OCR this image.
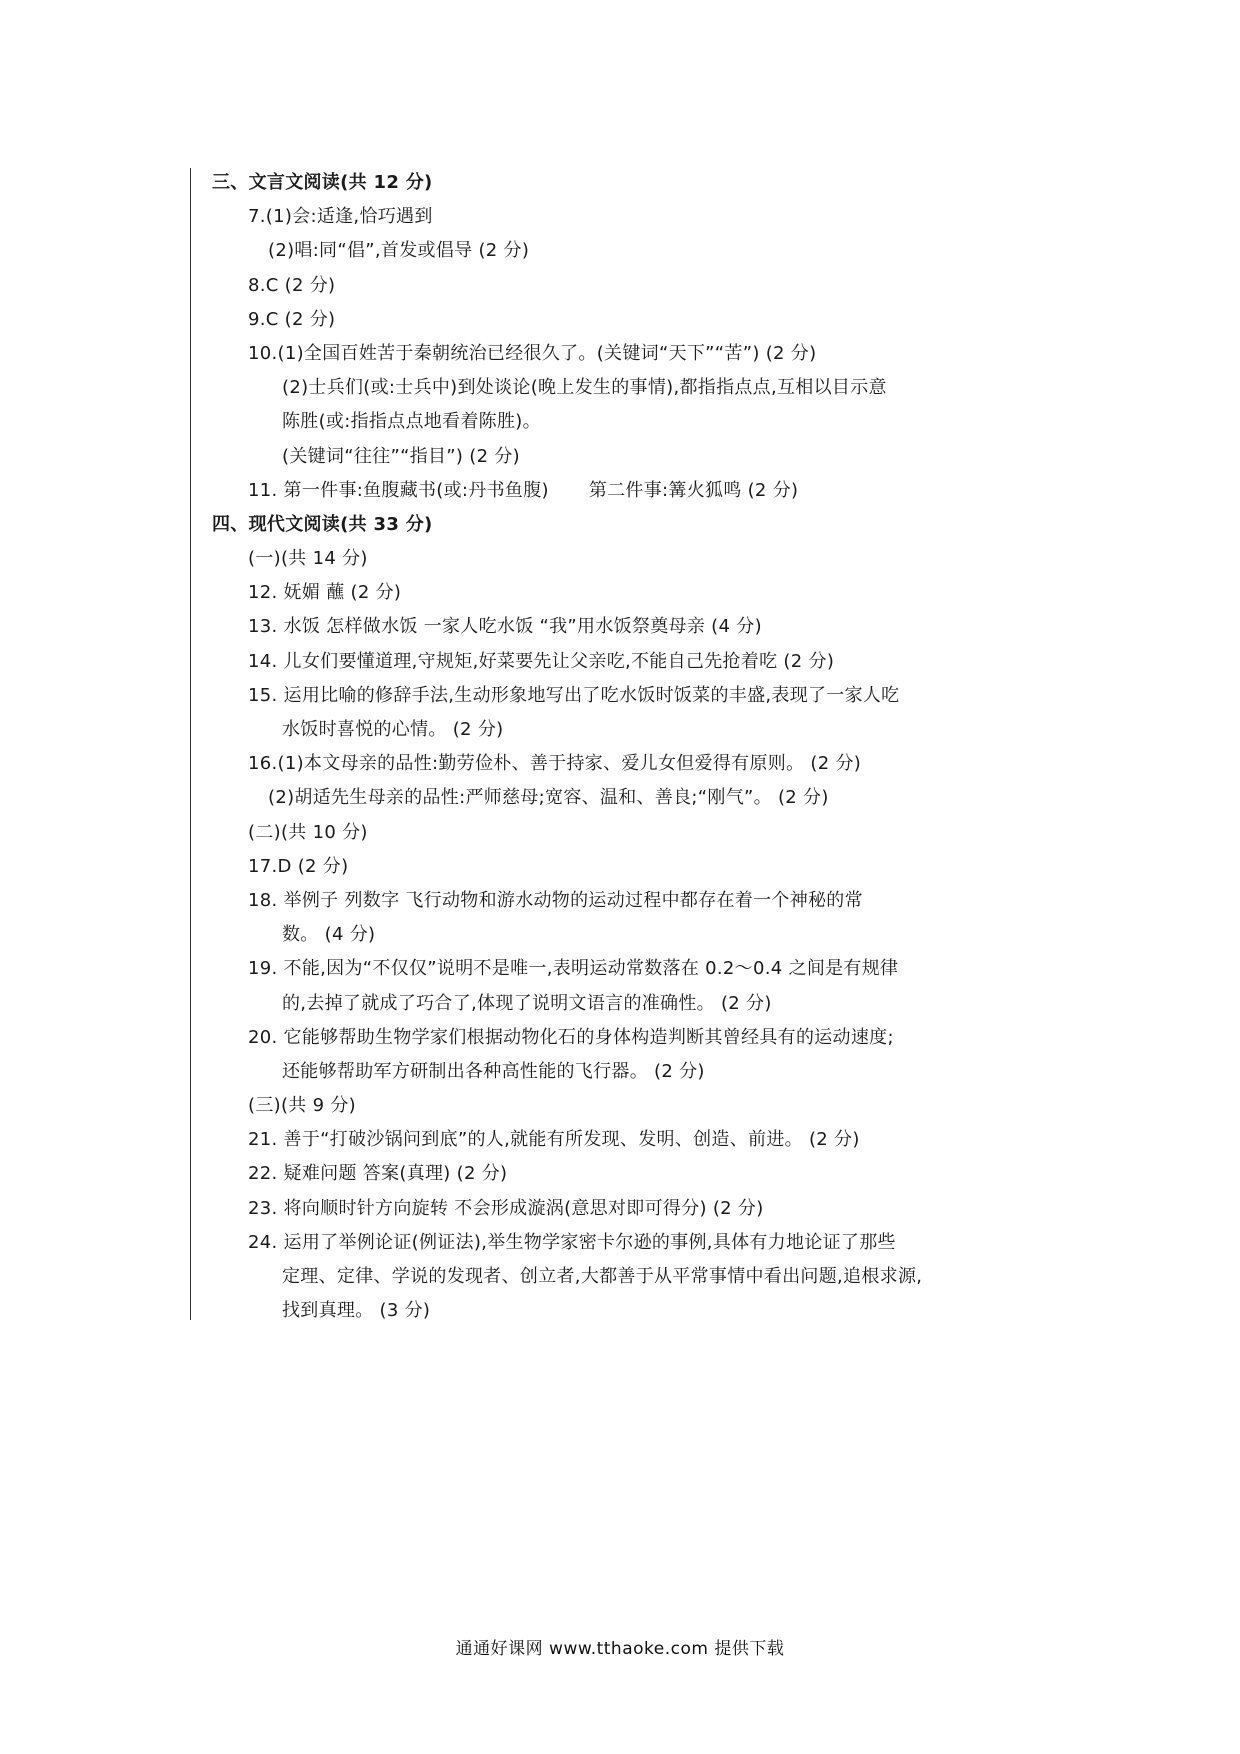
三、文言文阅读(共 12 分)
7.(1)会:适逢,恰巧遇到
(2)唱:同“倡”,首发或倡导 (2 分)
8.C (2 分)
9.C (2 分)
10.(1)全国百姓苦于秦朝统治已经很久了。(关键词“天下”“苦”) (2 分)
(2)士兵们(或:士兵中)到处谈论(晚上发生的事情),都指指点点,互相以目示意
陈胜(或:指指点点地看着陈胜)。
(关键词“往往”“指目”) (2 分)
11. 第一件事:鱼腹藏书(或:丹书鱼腹) 第二件事:篝火狐鸣 (2 分)
四、现代文阅读(共 33 分)
(一)(共 14 分)
12. 妩媚 蘸 (2 分)
13. 水饭 怎样做水饭 一家人吃水饭 “我”用水饭祭奠母亲 (4 分)
14. 儿女们要懂道理,守规矩,好菜要先让父亲吃,不能自己先抢着吃 (2 分)
15. 运用比喻的修辞手法,生动形象地写出了吃水饭时饭菜的丰盛,表现了一家人吃
水饭时喜悦的心情。 (2 分)
16.(1)本文母亲的品性:勤劳俭朴、善于持家、爱儿女但爱得有原则。 (2 分)
(2)胡适先生母亲的品性:严师慈母;宽容、温和、善良;“刚气”。 (2 分)
(二)(共 10 分)
17.D (2 分)
18. 举例子 列数字 飞行动物和游水动物的运动过程中都存在着一个神秘的常
数。 (4 分)
19. 不能,因为“不仅仅”说明不是唯一,表明运动常数落在 0.2～0.4 之间是有规律
的,去掉了就成了巧合了,体现了说明文语言的准确性。 (2 分)
20. 它能够帮助生物学家们根据动物化石的身体构造判断其曾经具有的运动速度;
还能够帮助军方研制出各种高性能的飞行器。 (2 分)
(三)(共 9 分)
21. 善于“打破沙锅问到底”的人,就能有所发现、发明、创造、前进。 (2 分)
22. 疑难问题 答案(真理) (2 分)
23. 将向顺时针方向旋转 不会形成漩涡(意思对即可得分) (2 分)
24. 运用了举例论证(例证法),举生物学家密卡尔逊的事例,具体有力地论证了那些
定理、定律、学说的发现者、创立者,大都善于从平常事情中看出问题,追根求源,
找到真理。 (3 分)
通通好课网 www.tthaoke.com 提供下载
